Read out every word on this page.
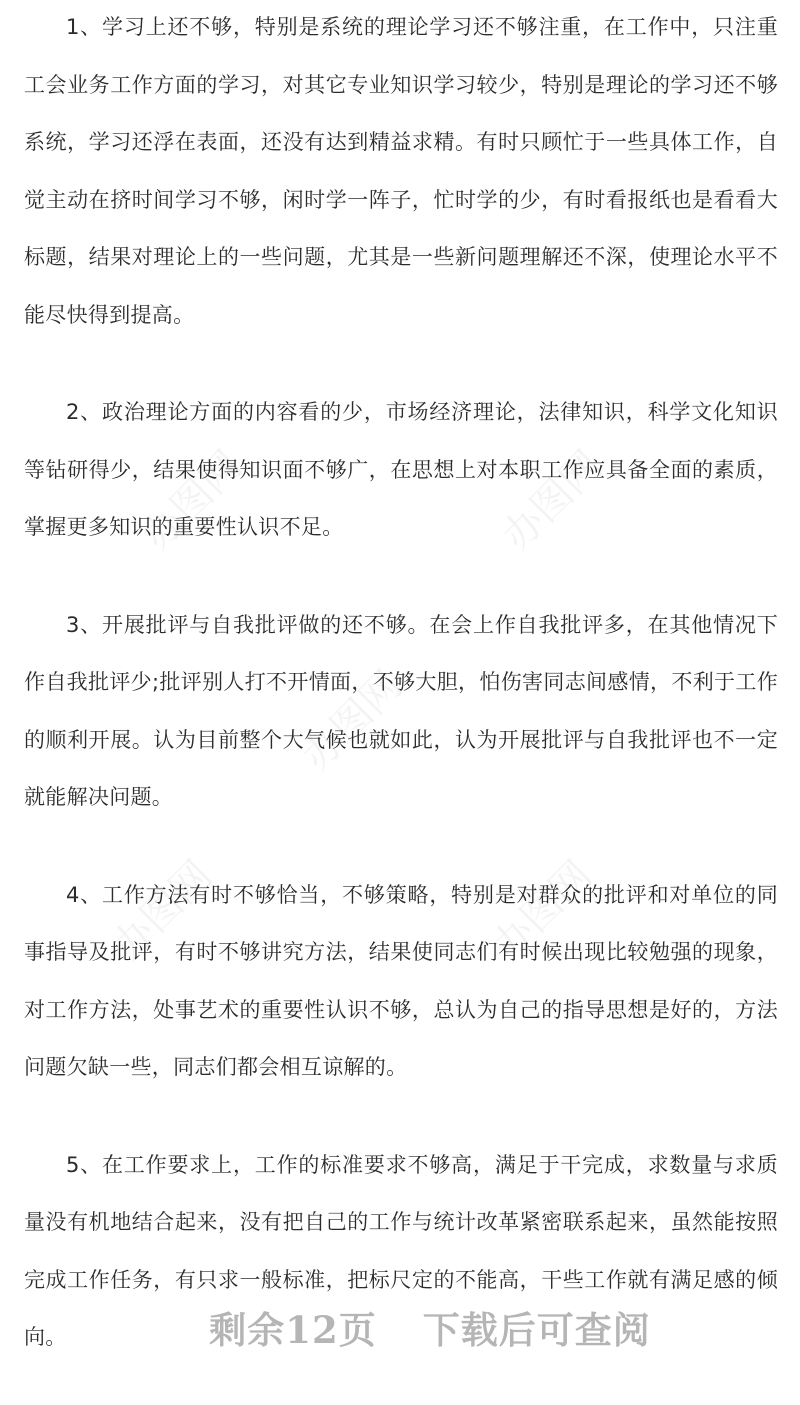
1、学习上还不够，特别是系统的理论学习还不够注重，在工作中，只注重工会业务工作方面的学习，对其它专业知识学习较少，特别是理论的学习还不够系统，学习还浮在表面，还没有达到精益求精。有时只顾忙于一些具体工作，自觉主动在挤时间学习不够，闲时学一阵子，忙时学的少，有时看报纸也是看看大标题，结果对理论上的一些问题，尤其是一些新问题理解还不深，使理论水平不能尽快得到提高。

2、政治理论方面的内容看的少，市场经济理论，法律知识，科学文化知识等钻研得少，结果使得知识面不够广，在思想上对本职工作应具备全面的素质，掌握更多知识的重要性认识不足。

3、开展批评与自我批评做的还不够。在会上作自我批评多，在其他情况下作自我批评少;批评别人打不开情面，不够大胆，怕伤害同志间感情，不利于工作的顺利开展。认为目前整个大气候也就如此，认为开展批评与自我批评也不一定就能解决问题。

4、工作方法有时不够恰当，不够策略，特别是对群众的批评和对单位的同事指导及批评，有时不够讲究方法，结果使同志们有时候出现比较勉强的现象，对工作方法，处事艺术的重要性认识不够，总认为自己的指导思想是好的，方法问题欠缺一些，同志们都会相互谅解的。

5、在工作要求上，工作的标准要求不够高，满足于干完成，求数量与求质量没有机地结合起来，没有把自己的工作与统计改革紧密联系起来，虽然能按照完成工作任务，有只求一般标准，把标尺定的不能高，干些工作就有满足感的倾向。	剩余12页 下载后可查阅
